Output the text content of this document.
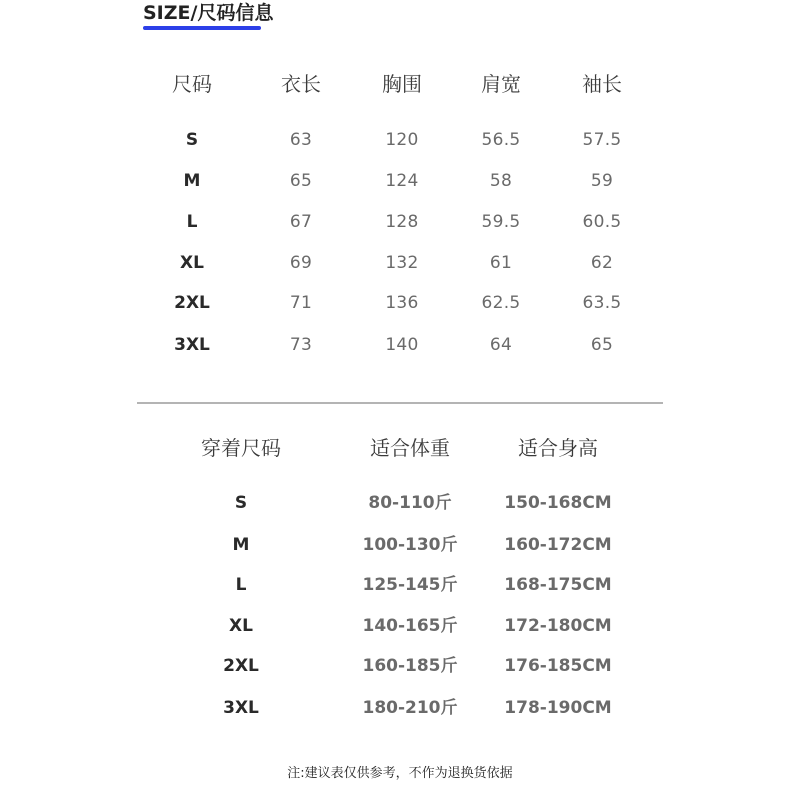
SIZE/尺码信息
尺码	衣长	胸围	肩宽	袖长
S	63	120	56.5	57.5
M	65	124	58	59
L	67	128	59.5	60.5
XL	69	132	61	62
2XL	71	136	62.5	63.5
3XL	73	140	64	65
穿着尺码	适合体重	适合身高
S	80-110斤	150-168CM
M	100-130斤	160-172CM
L	125-145斤	168-175CM
XL	140-165斤	172-180CM
2XL	160-185斤	176-185CM
3XL	180-210斤	178-190CM
注:建议表仅供参考，不作为退换货依据
